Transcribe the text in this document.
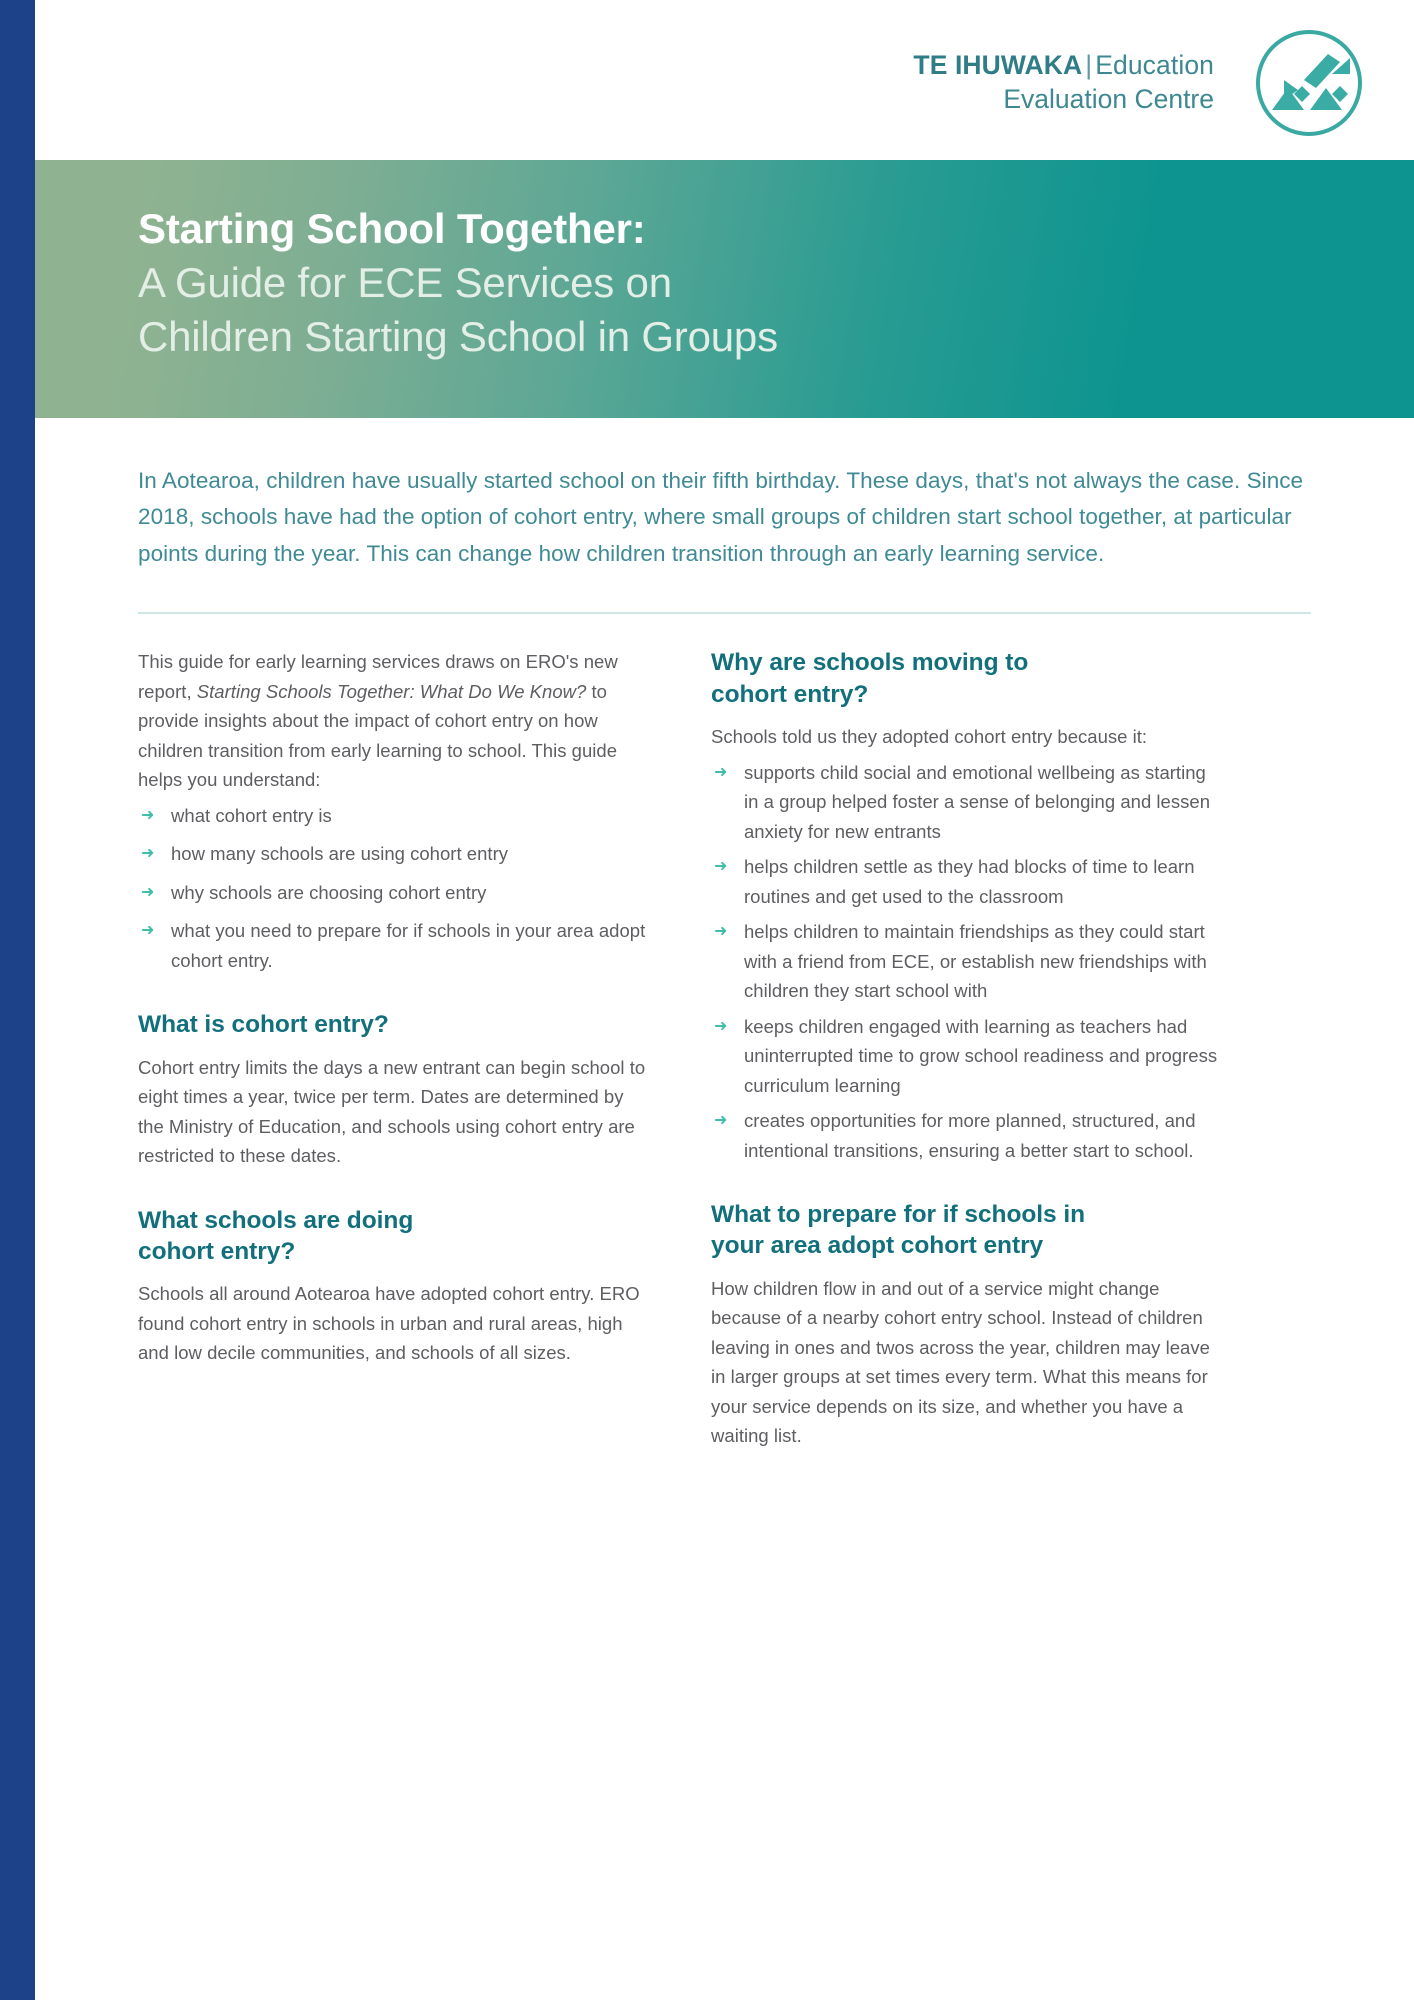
TE IHUWAKA | Education
Evaluation Centre
Starting School Together:
A Guide for ECE Services on
Children Starting School in Groups
In Aotearoa, children have usually started school on their fifth birthday. These days, that's not always the case. Since 2018, schools have had the option of cohort entry, where small groups of children start school together, at particular points during the year. This can change how children transition through an early learning service.

This guide for early learning services draws on ERO's new report, Starting Schools Together: What Do We Know? to provide insights about the impact of cohort entry on how children transition from early learning to school. This guide helps you understand:

➜ what cohort entry is
➜ how many schools are using cohort entry
➜ why schools are choosing cohort entry
➜ what you need to prepare for if schools in your area adopt cohort entry.
What is cohort entry?

Cohort entry limits the days a new entrant can begin school to eight times a year, twice per term. Dates are determined by the Ministry of Education, and schools using cohort entry are restricted to these dates.

What schools are doing
cohort entry?

Schools all around Aotearoa have adopted cohort entry. ERO found cohort entry in schools in urban and rural areas, high and low decile communities, and schools of all sizes.

Why are schools moving to
cohort entry?

Schools told us they adopted cohort entry because it:

➜ supports child social and emotional wellbeing as starting in a group helped foster a sense of belonging and lessen anxiety for new entrants
➜ helps children settle as they had blocks of time to learn routines and get used to the classroom
➜ helps children to maintain friendships as they could start with a friend from ECE, or establish new friendships with children they start school with
➜ keeps children engaged with learning as teachers had uninterrupted time to grow school readiness and progress curriculum learning
➜ creates opportunities for more planned, structured, and intentional transitions, ensuring a better start to school.
What to prepare for if schools in
your area adopt cohort entry

How children flow in and out of a service might change because of a nearby cohort entry school. Instead of children leaving in ones and twos across the year, children may leave in larger groups at set times every term. What this means for your service depends on its size, and whether you have a waiting list.
